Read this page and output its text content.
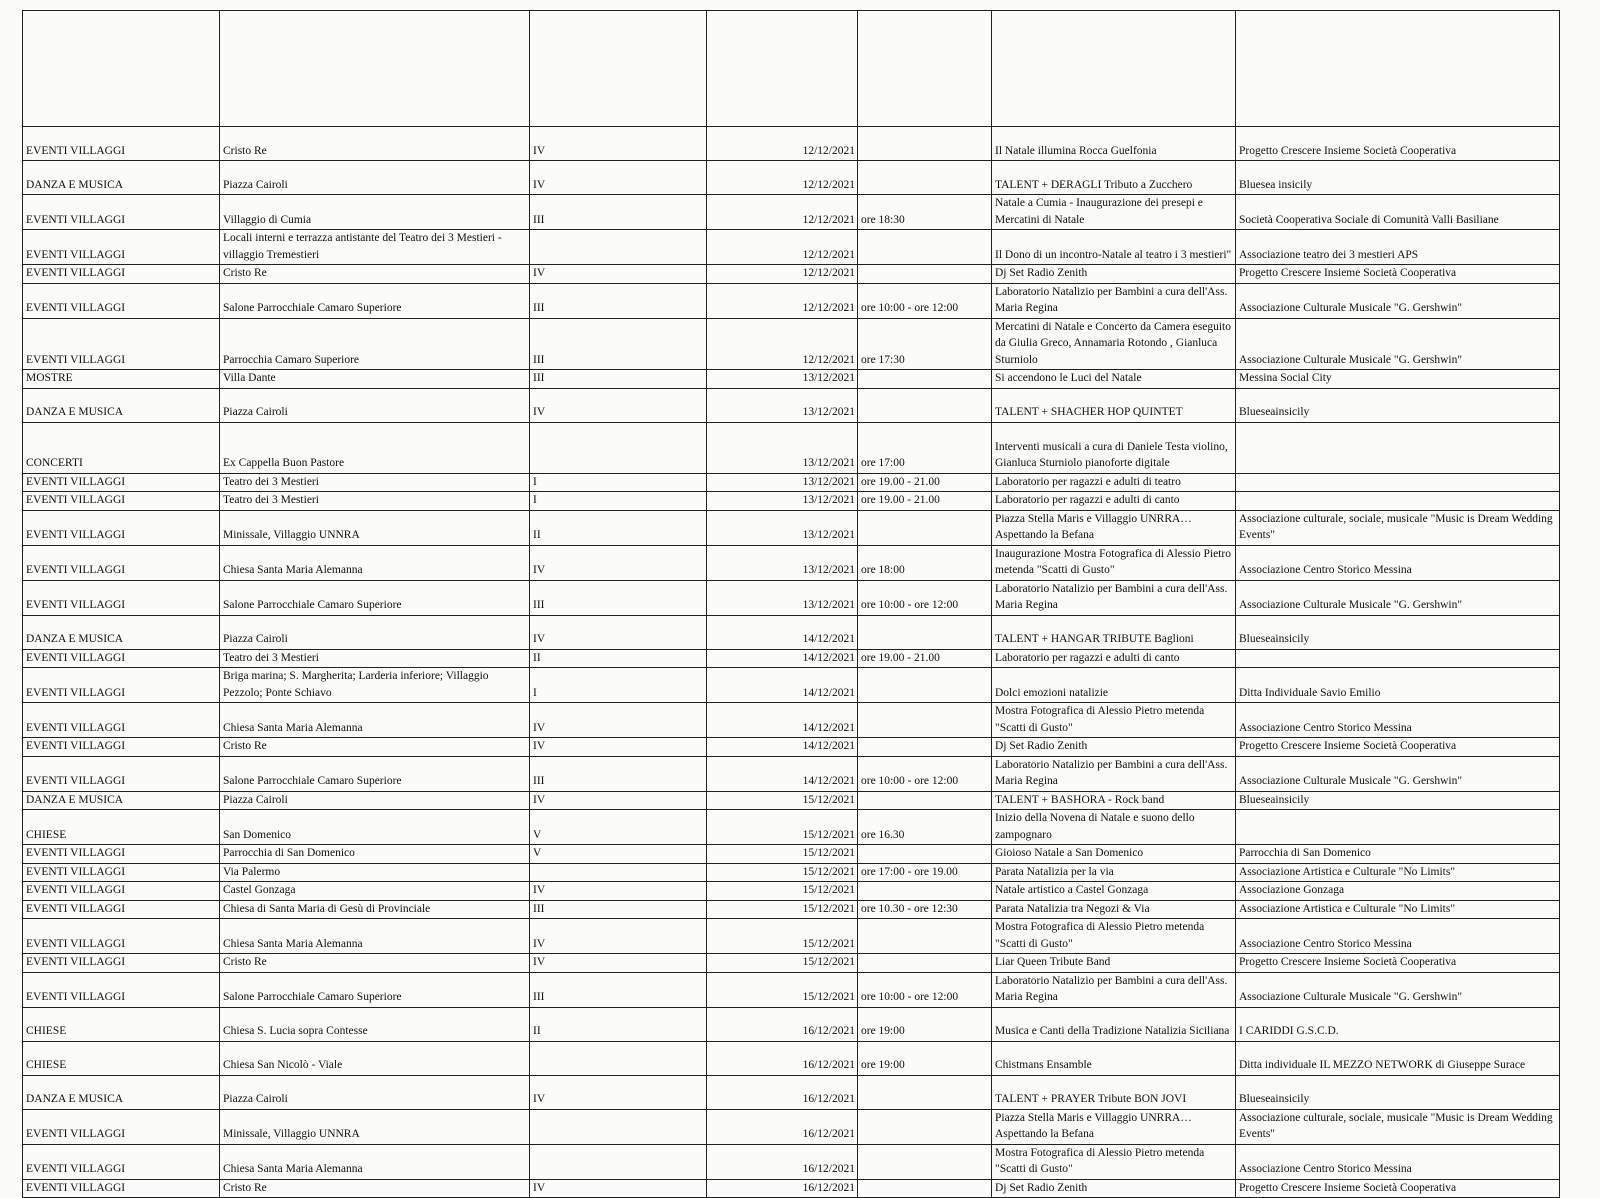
EVENTI VILLAGGI	Cristo Re	IV	12/12/2021		Il Natale illumina Rocca Guelfonia	Progetto Crescere Insieme Società Cooperativa
DANZA E MUSICA	Piazza Cairoli	IV	12/12/2021		TALENT + DERAGLI Tributo a Zucchero	Bluesea insicily
EVENTI VILLAGGI	Villaggio di Cumia	III	12/12/2021	ore 18:30	Natale a Cumia - Inaugurazione dei presepi e Mercatini di Natale	Società Cooperativa Sociale di Comunità Valli Basiliane
EVENTI VILLAGGI	Locali interni e terrazza antistante del Teatro dei 3 Mestieri - villaggio Tremestieri		12/12/2021		Il Dono di un incontro-Natale al teatro i 3 mestieri"	Associazione teatro dei 3 mestieri APS
EVENTI VILLAGGI	Cristo Re	IV	12/12/2021		Dj Set Radio Zenith	Progetto Crescere Insieme Società Cooperativa
EVENTI VILLAGGI	Salone Parrocchiale Camaro Superiore	III	12/12/2021	ore 10:00 - ore 12:00	Laboratorio Natalizio per Bambini a cura dell'Ass. Maria Regina	Associazione Culturale Musicale "G. Gershwin"
EVENTI VILLAGGI	Parrocchia Camaro Superiore	III	12/12/2021	ore 17:30	Mercatini di Natale e Concerto da Camera eseguito da Giulia Greco, Annamaria Rotondo , Gianluca Sturniolo	Associazione Culturale Musicale "G. Gershwin"
MOSTRE	Villa Dante	III	13/12/2021		Si accendono le Luci del Natale	Messina Social City
DANZA E MUSICA	Piazza Cairoli	IV	13/12/2021		TALENT + SHACHER HOP QUINTET	Blueseainsicily
CONCERTI	Ex Cappella Buon Pastore		13/12/2021	ore 17:00	Interventi musicali a cura di Daniele Testa violino, Gianluca Sturniolo pianoforte digitale	
EVENTI VILLAGGI	Teatro dei 3 Mestieri	I	13/12/2021	ore 19.00 - 21.00	Laboratorio per ragazzi e adulti di teatro	
EVENTI VILLAGGI	Teatro dei 3 Mestieri	I	13/12/2021	ore 19.00 - 21.00	Laboratorio per ragazzi e adulti di canto	
EVENTI VILLAGGI	Minissale, Villaggio UNNRA	II	13/12/2021		Piazza Stella Maris e Villaggio UNRRA…Aspettando la Befana	Associazione culturale, sociale, musicale "Music is Dream Wedding Events"
EVENTI VILLAGGI	Chiesa Santa Maria Alemanna	IV	13/12/2021	ore 18:00	Inaugurazione Mostra Fotografica di Alessio Pietro metenda "Scatti di Gusto"	Associazione Centro Storico Messina
EVENTI VILLAGGI	Salone Parrocchiale Camaro Superiore	III	13/12/2021	ore 10:00 - ore 12:00	Laboratorio Natalizio per Bambini a cura dell'Ass. Maria Regina	Associazione Culturale Musicale "G. Gershwin"
DANZA E MUSICA	Piazza Cairoli	IV	14/12/2021		TALENT + HANGAR TRIBUTE Baglioni	Blueseainsicily
EVENTI VILLAGGI	Teatro dei 3 Mestieri	II	14/12/2021	ore 19.00 - 21.00	Laboratorio per ragazzi e adulti di canto	
EVENTI VILLAGGI	Briga marina; S. Margherita; Larderia inferiore; Villaggio Pezzolo; Ponte Schiavo	I	14/12/2021		Dolci emozioni natalizie	Ditta Individuale Savio Emilio
EVENTI VILLAGGI	Chiesa Santa Maria Alemanna	IV	14/12/2021		Mostra Fotografica di Alessio Pietro metenda "Scatti di Gusto"	Associazione Centro Storico Messina
EVENTI VILLAGGI	Cristo Re	IV	14/12/2021		Dj Set Radio Zenith	Progetto Crescere Insieme Società Cooperativa
EVENTI VILLAGGI	Salone Parrocchiale Camaro Superiore	III	14/12/2021	ore 10:00 - ore 12:00	Laboratorio Natalizio per Bambini a cura dell'Ass. Maria Regina	Associazione Culturale Musicale "G. Gershwin"
DANZA E MUSICA	Piazza Cairoli	IV	15/12/2021		TALENT + BASHORA - Rock band	Blueseainsicily
CHIESE	San Domenico	V	15/12/2021	ore 16.30	Inizio della Novena di Natale e suono dello zampognaro	
EVENTI VILLAGGI	Parrocchia di San Domenico	V	15/12/2021		Gioioso Natale a San Domenico	Parrocchia di San Domenico
EVENTI VILLAGGI	Via Palermo		15/12/2021	ore 17:00 - ore 19.00	Parata Natalizia per la via	Associazione Artistica e Culturale "No Limits"
EVENTI VILLAGGI	Castel Gonzaga	IV	15/12/2021		Natale artistico a Castel Gonzaga	Associazione Gonzaga
EVENTI VILLAGGI	Chiesa di Santa Maria di Gesù di Provinciale	III	15/12/2021	ore 10.30 - ore 12:30	Parata Natalizia tra Negozi & Via	Associazione Artistica e Culturale "No Limits"
EVENTI VILLAGGI	Chiesa Santa Maria Alemanna	IV	15/12/2021		Mostra Fotografica di Alessio Pietro metenda "Scatti di Gusto"	Associazione Centro Storico Messina
EVENTI VILLAGGI	Cristo Re	IV	15/12/2021		Liar Queen Tribute Band	Progetto Crescere Insieme Società Cooperativa
EVENTI VILLAGGI	Salone Parrocchiale Camaro Superiore	III	15/12/2021	ore 10:00 - ore 12:00	Laboratorio Natalizio per Bambini a cura dell'Ass. Maria Regina	Associazione Culturale Musicale "G. Gershwin"
CHIESE	Chiesa S. Lucia sopra Contesse	II	16/12/2021	ore 19:00	Musica e Canti della Tradizione Natalizia Siciliana	I CARIDDI G.S.C.D.
CHIESE	Chiesa San Nicolò - Viale		16/12/2021	ore 19:00	Chistmans Ensamble	Ditta individuale IL MEZZO NETWORK di Giuseppe Surace
DANZA E MUSICA	Piazza Cairoli	IV	16/12/2021		TALENT + PRAYER Tribute BON JOVI	Blueseainsicily
EVENTI VILLAGGI	Minissale, Villaggio UNNRA		16/12/2021		Piazza Stella Maris e Villaggio UNRRA…Aspettando la Befana	Associazione culturale, sociale, musicale "Music is Dream Wedding Events"
EVENTI VILLAGGI	Chiesa Santa Maria Alemanna		16/12/2021		Mostra Fotografica di Alessio Pietro metenda "Scatti di Gusto"	Associazione Centro Storico Messina
EVENTI VILLAGGI	Cristo Re	IV	16/12/2021		Dj Set Radio Zenith	Progetto Crescere Insieme Società Cooperativa
